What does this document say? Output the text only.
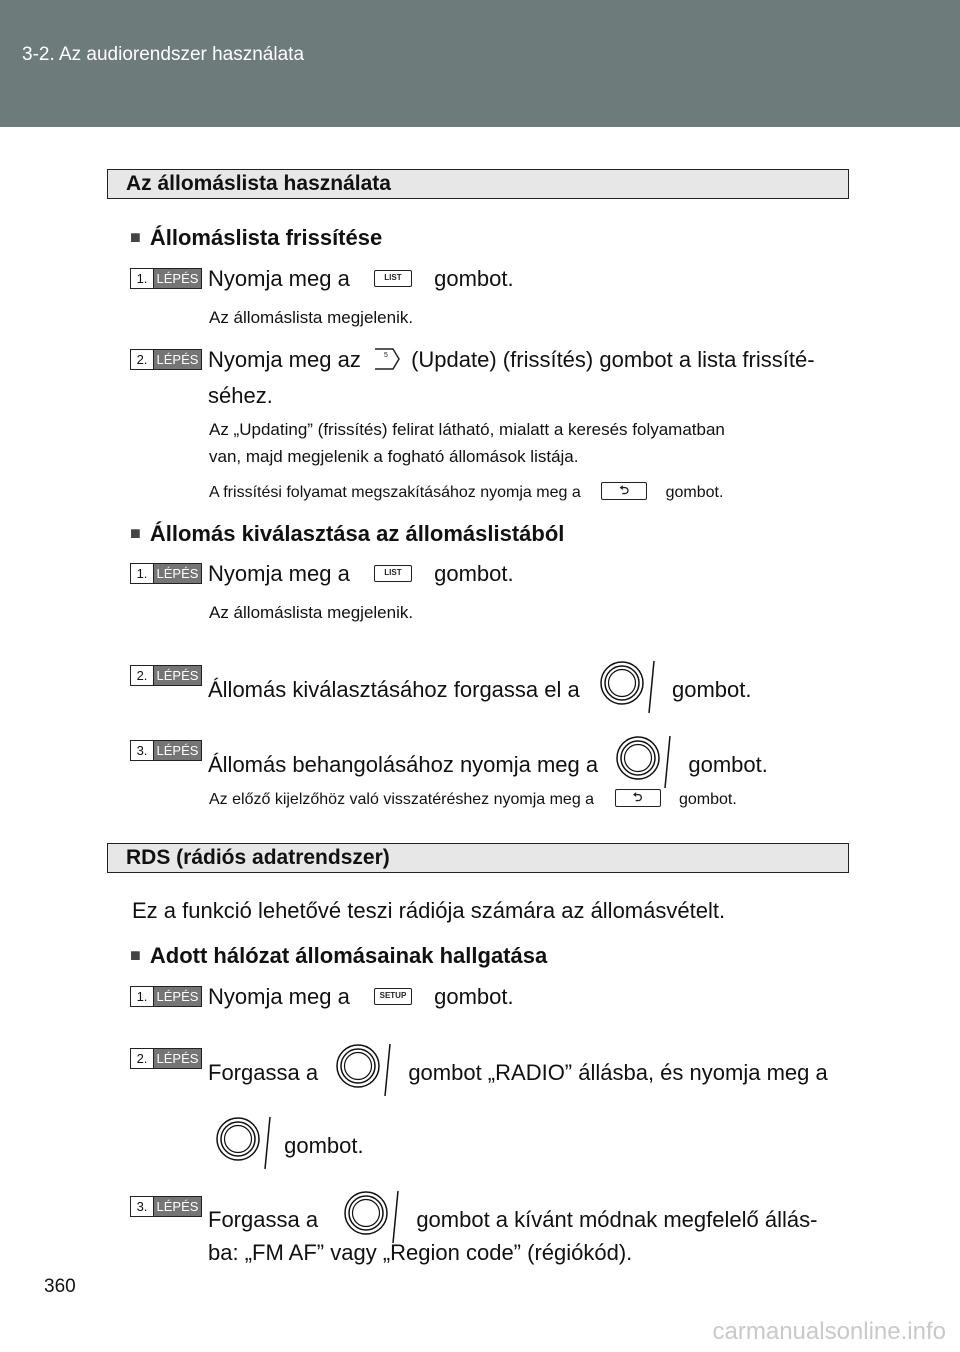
3-2. Az audiorendszer használata
Az állomáslista használata
■ Állomáslista frissítése
1. LÉPÉS Nyomja meg a	LIST gombot.
Az állomáslista megjelenik.
2. LÉPÉS Nyomja meg az	5 (Update) (frissítés) gombot a lista frissíté-
séhez.
Az „Updating” (frissítés) felirat látható, mialatt a keresés folyamatban
van, majd megjelenik a fogható állomások listája.
A frissítési folyamat megszakításához nyomja meg a	⮌ gombot.
■ Állomás kiválasztása az állomáslistából
1. LÉPÉS Nyomja meg a	LIST gombot.
Az állomáslista megjelenik.
2. LÉPÉS
Állomás kiválasztásához forgassa el a	gombot.
3. LÉPÉS
Állomás behangolásához nyomja meg a	gombot.
Az előző kijelzőhöz való visszatéréshez nyomja meg a	⮌ gombot.
RDS (rádiós adatrendszer)
Ez a funkció lehetővé teszi rádiója számára az állomásvételt.
■ Adott hálózat állomásainak hallgatása
1. LÉPÉS Nyomja meg a	SETUP gombot.
2. LÉPÉS
Forgassa a	gombot „RADIO” állásba, és nyomja meg a
gombot.
3. LÉPÉS
Forgassa a	gombot a kívánt módnak megfelelő állás-
ba: „FM AF” vagy „Region code” (régiókód).
360
carmanualsonline.info
